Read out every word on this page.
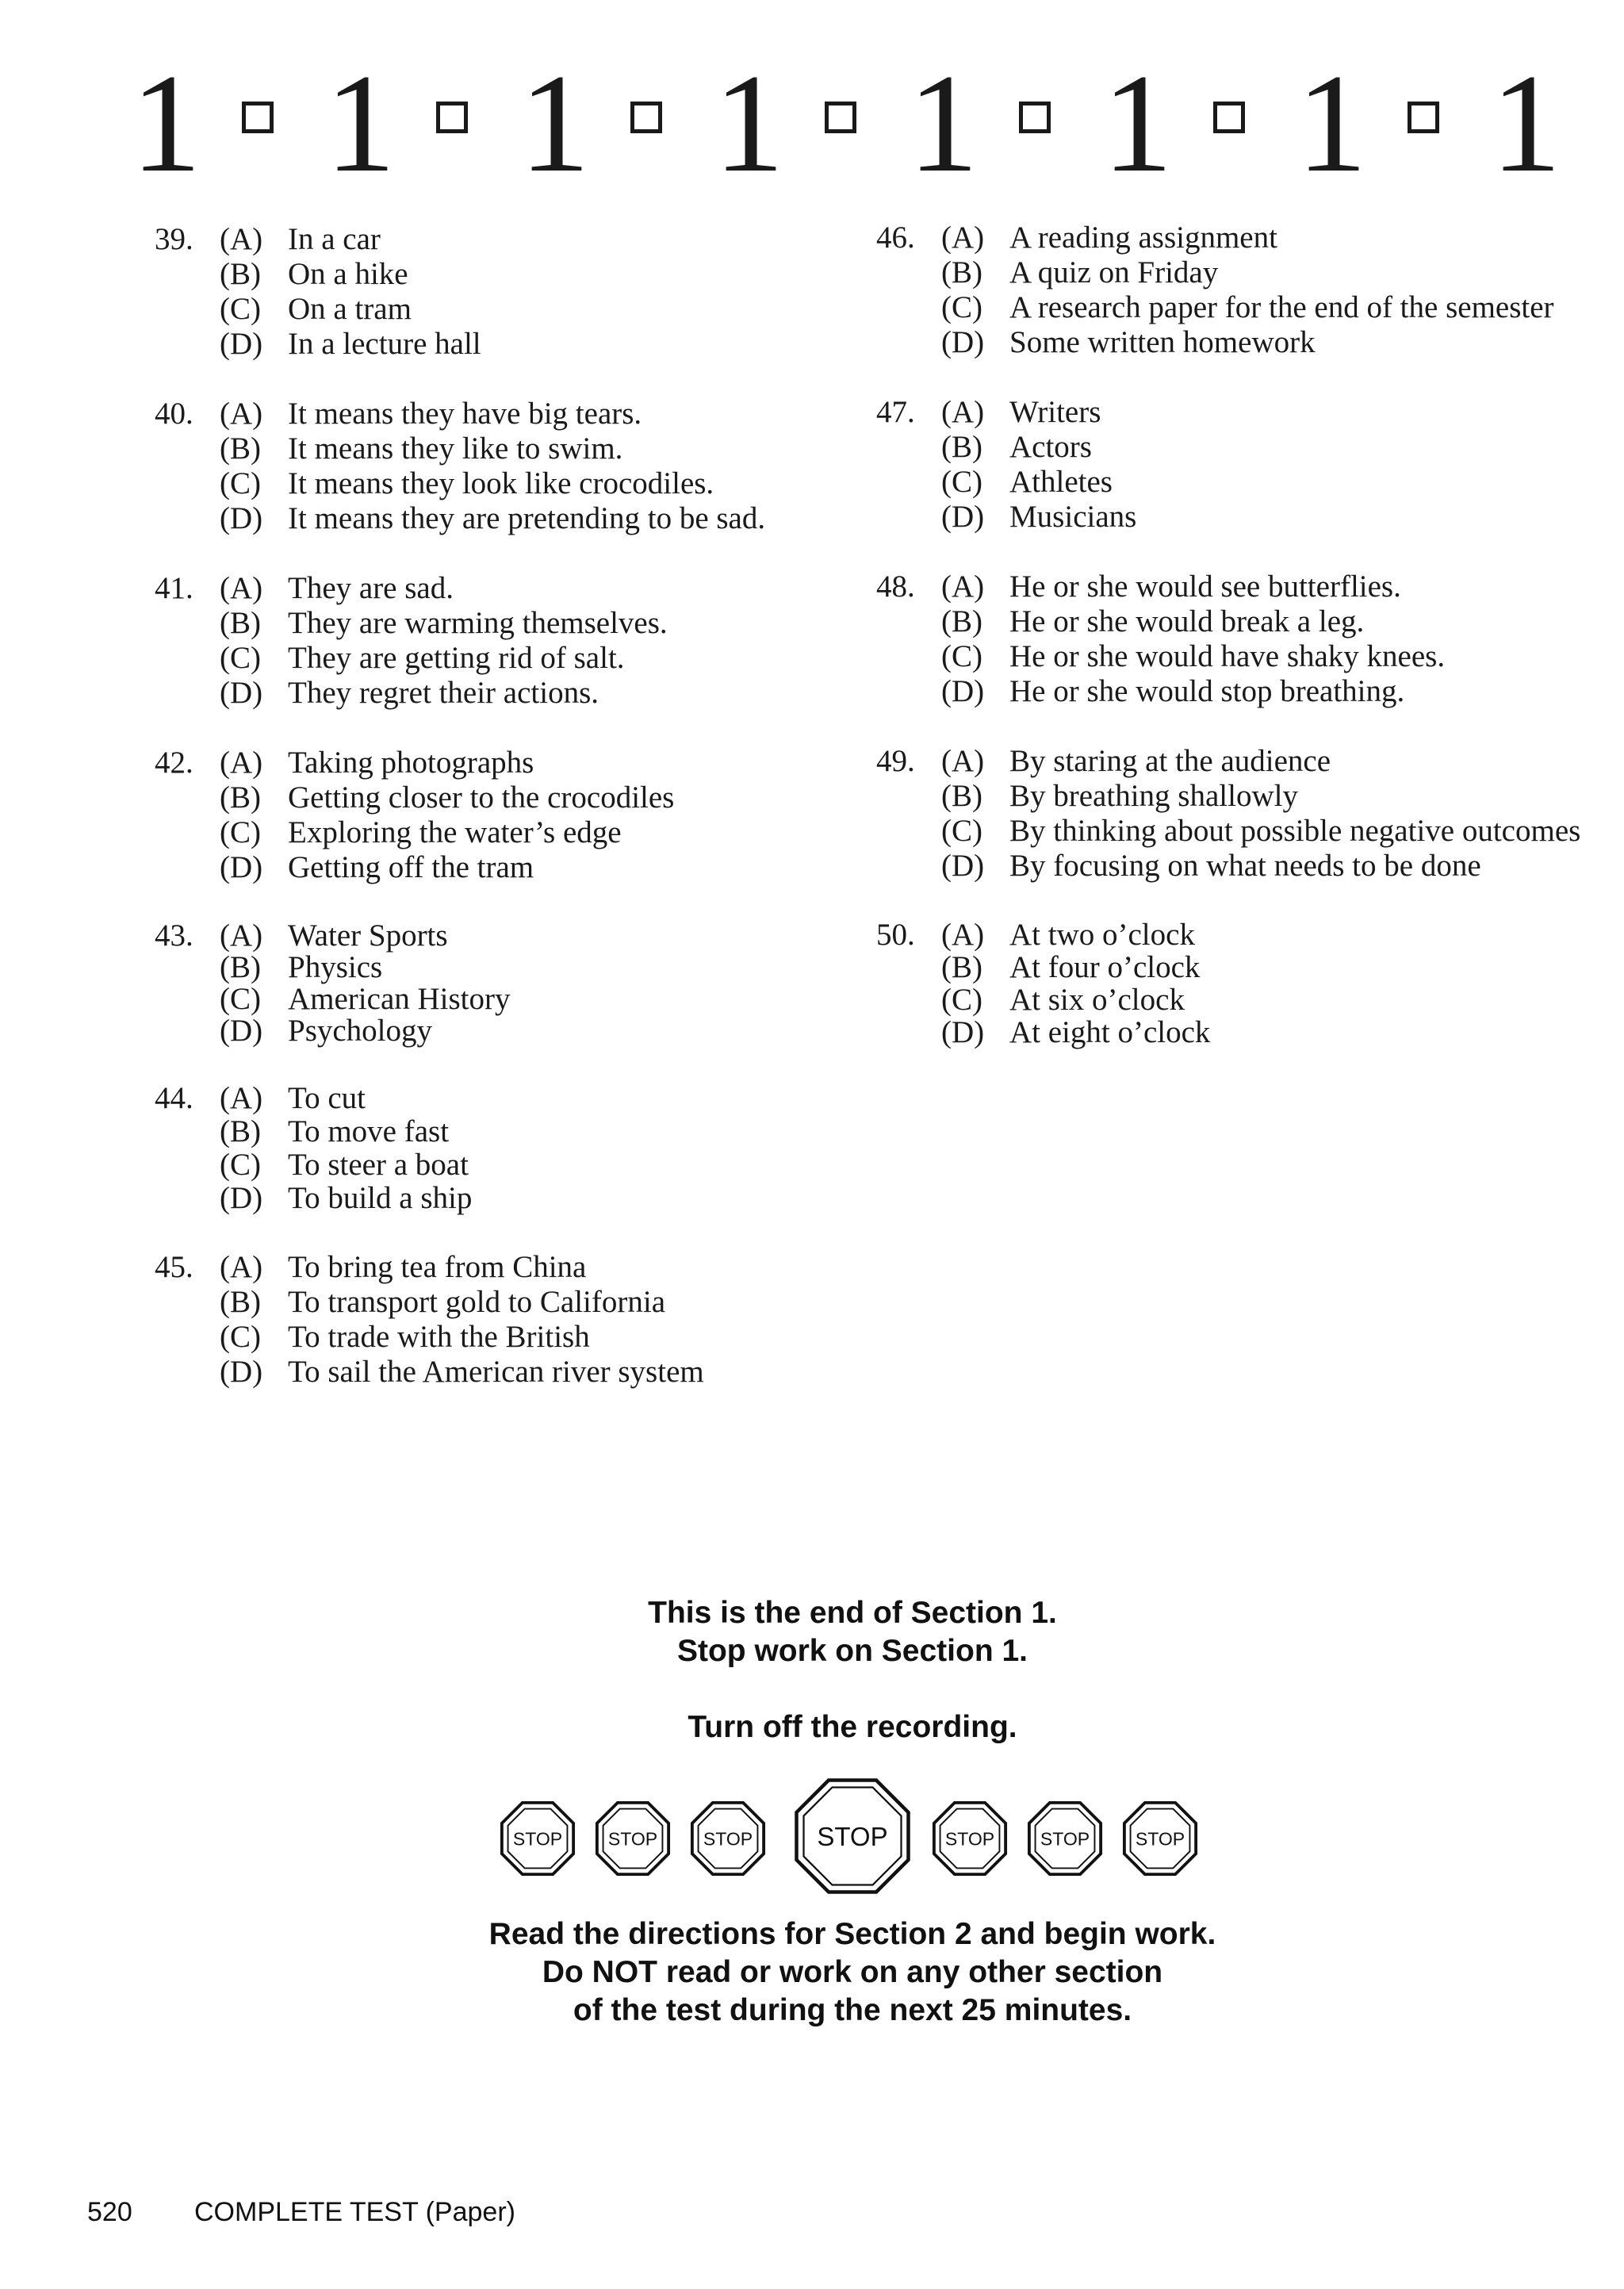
1 1 1 1 1 1 1 1
39. (A) In a car
(B) On a hike
(C) On a tram
(D) In a lecture hall
40. (A) It means they have big tears.
(B) It means they like to swim.
(C) It means they look like crocodiles.
(D) It means they are pretending to be sad.
41. (A) They are sad.
(B) They are warming themselves.
(C) They are getting rid of salt.
(D) They regret their actions.
42. (A) Taking photographs
(B) Getting closer to the crocodiles
(C) Exploring the water’s edge
(D) Getting off the tram
43. (A) Water Sports
(B) Physics
(C) American History
(D) Psychology
44. (A) To cut
(B) To move fast
(C) To steer a boat
(D) To build a ship
45. (A) To bring tea from China
(B) To transport gold to California
(C) To trade with the British
(D) To sail the American river system
46. (A) A reading assignment
(B) A quiz on Friday
(C) A research paper for the end of the semester
(D) Some written homework
47. (A) Writers
(B) Actors
(C) Athletes
(D) Musicians
48. (A) He or she would see butterflies.
(B) He or she would break a leg.
(C) He or she would have shaky knees.
(D) He or she would stop breathing.
49. (A) By staring at the audience
(B) By breathing shallowly
(C) By thinking about possible negative outcomes
(D) By focusing on what needs to be done
50. (A) At two o’clock
(B) At four o’clock
(C) At six o’clock
(D) At eight o’clock
This is the end of Section 1.
Stop work on Section 1.
Turn off the recording.
STOP STOP STOP	STOP	STOP STOP STOP
Read the directions for Section 2 and begin work.
Do NOT read or work on any other section
of the test during the next 25 minutes.
520 COMPLETE TEST (Paper)
